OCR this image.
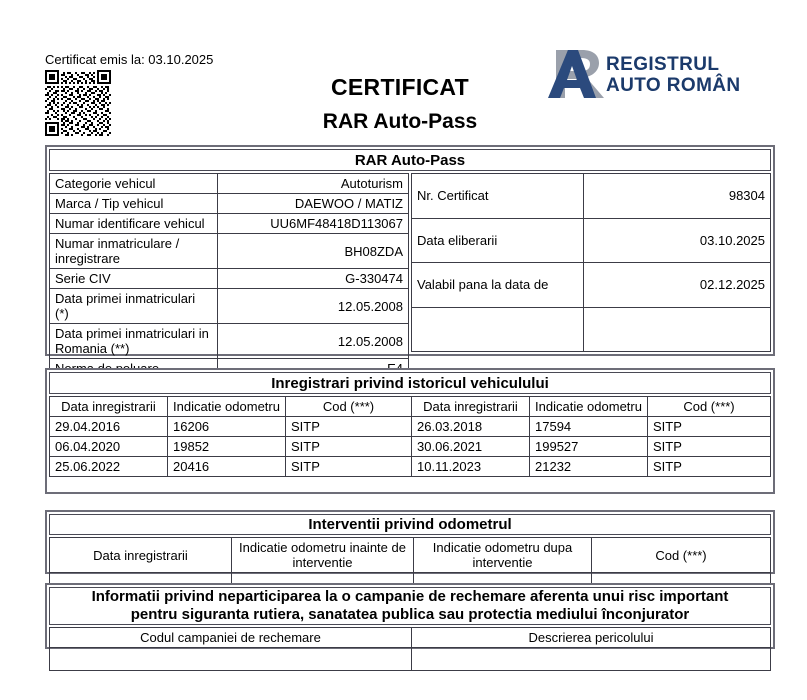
Certificat emis la: 03.10.2025
CERTIFICAT
RAR Auto-Pass
REGISTRUL
AUTO ROMÂN
RAR Auto-Pass
Categorie vehicul	Autoturism
Marca / Tip vehicul	DAEWOO / MATIZ
Numar identificare vehicul	UU6MF48418D113067
Numar inmatriculare / inregistrare	BH08ZDA
Serie CIV	G-330474
Data primei inmatriculari (*)	12.05.2008
Data primei inmatriculari in Romania (**)	12.05.2008

Nr. Certificat	98304
Data eliberarii	03.10.2025
Valabil pana la data de	02.12.2025

Inregistrari privind istoricul vehiculului
Data inregistrarii	Indicatie odometru	Cod (***)	Data inregistrarii	Indicatie odometru	Cod (***)
29.04.2016	16206	SITP	26.03.2018	17594	SITP
06.04.2020	19852	SITP	30.06.2021	199527	SITP
25.06.2022	20416	SITP	10.11.2023	21232	SITP
Interventii privind odometrul
Data inregistrarii	Indicatie odometru inainte de interventie	Indicatie odometru dupa interventie	Cod (***)

Informatii privind neparticiparea la o campanie de rechemare aferenta unui risc important
pentru siguranta rutiera, sanatatea publica sau protectia mediului înconjurator
Codul campaniei de rechemare	Descrierea pericolului
